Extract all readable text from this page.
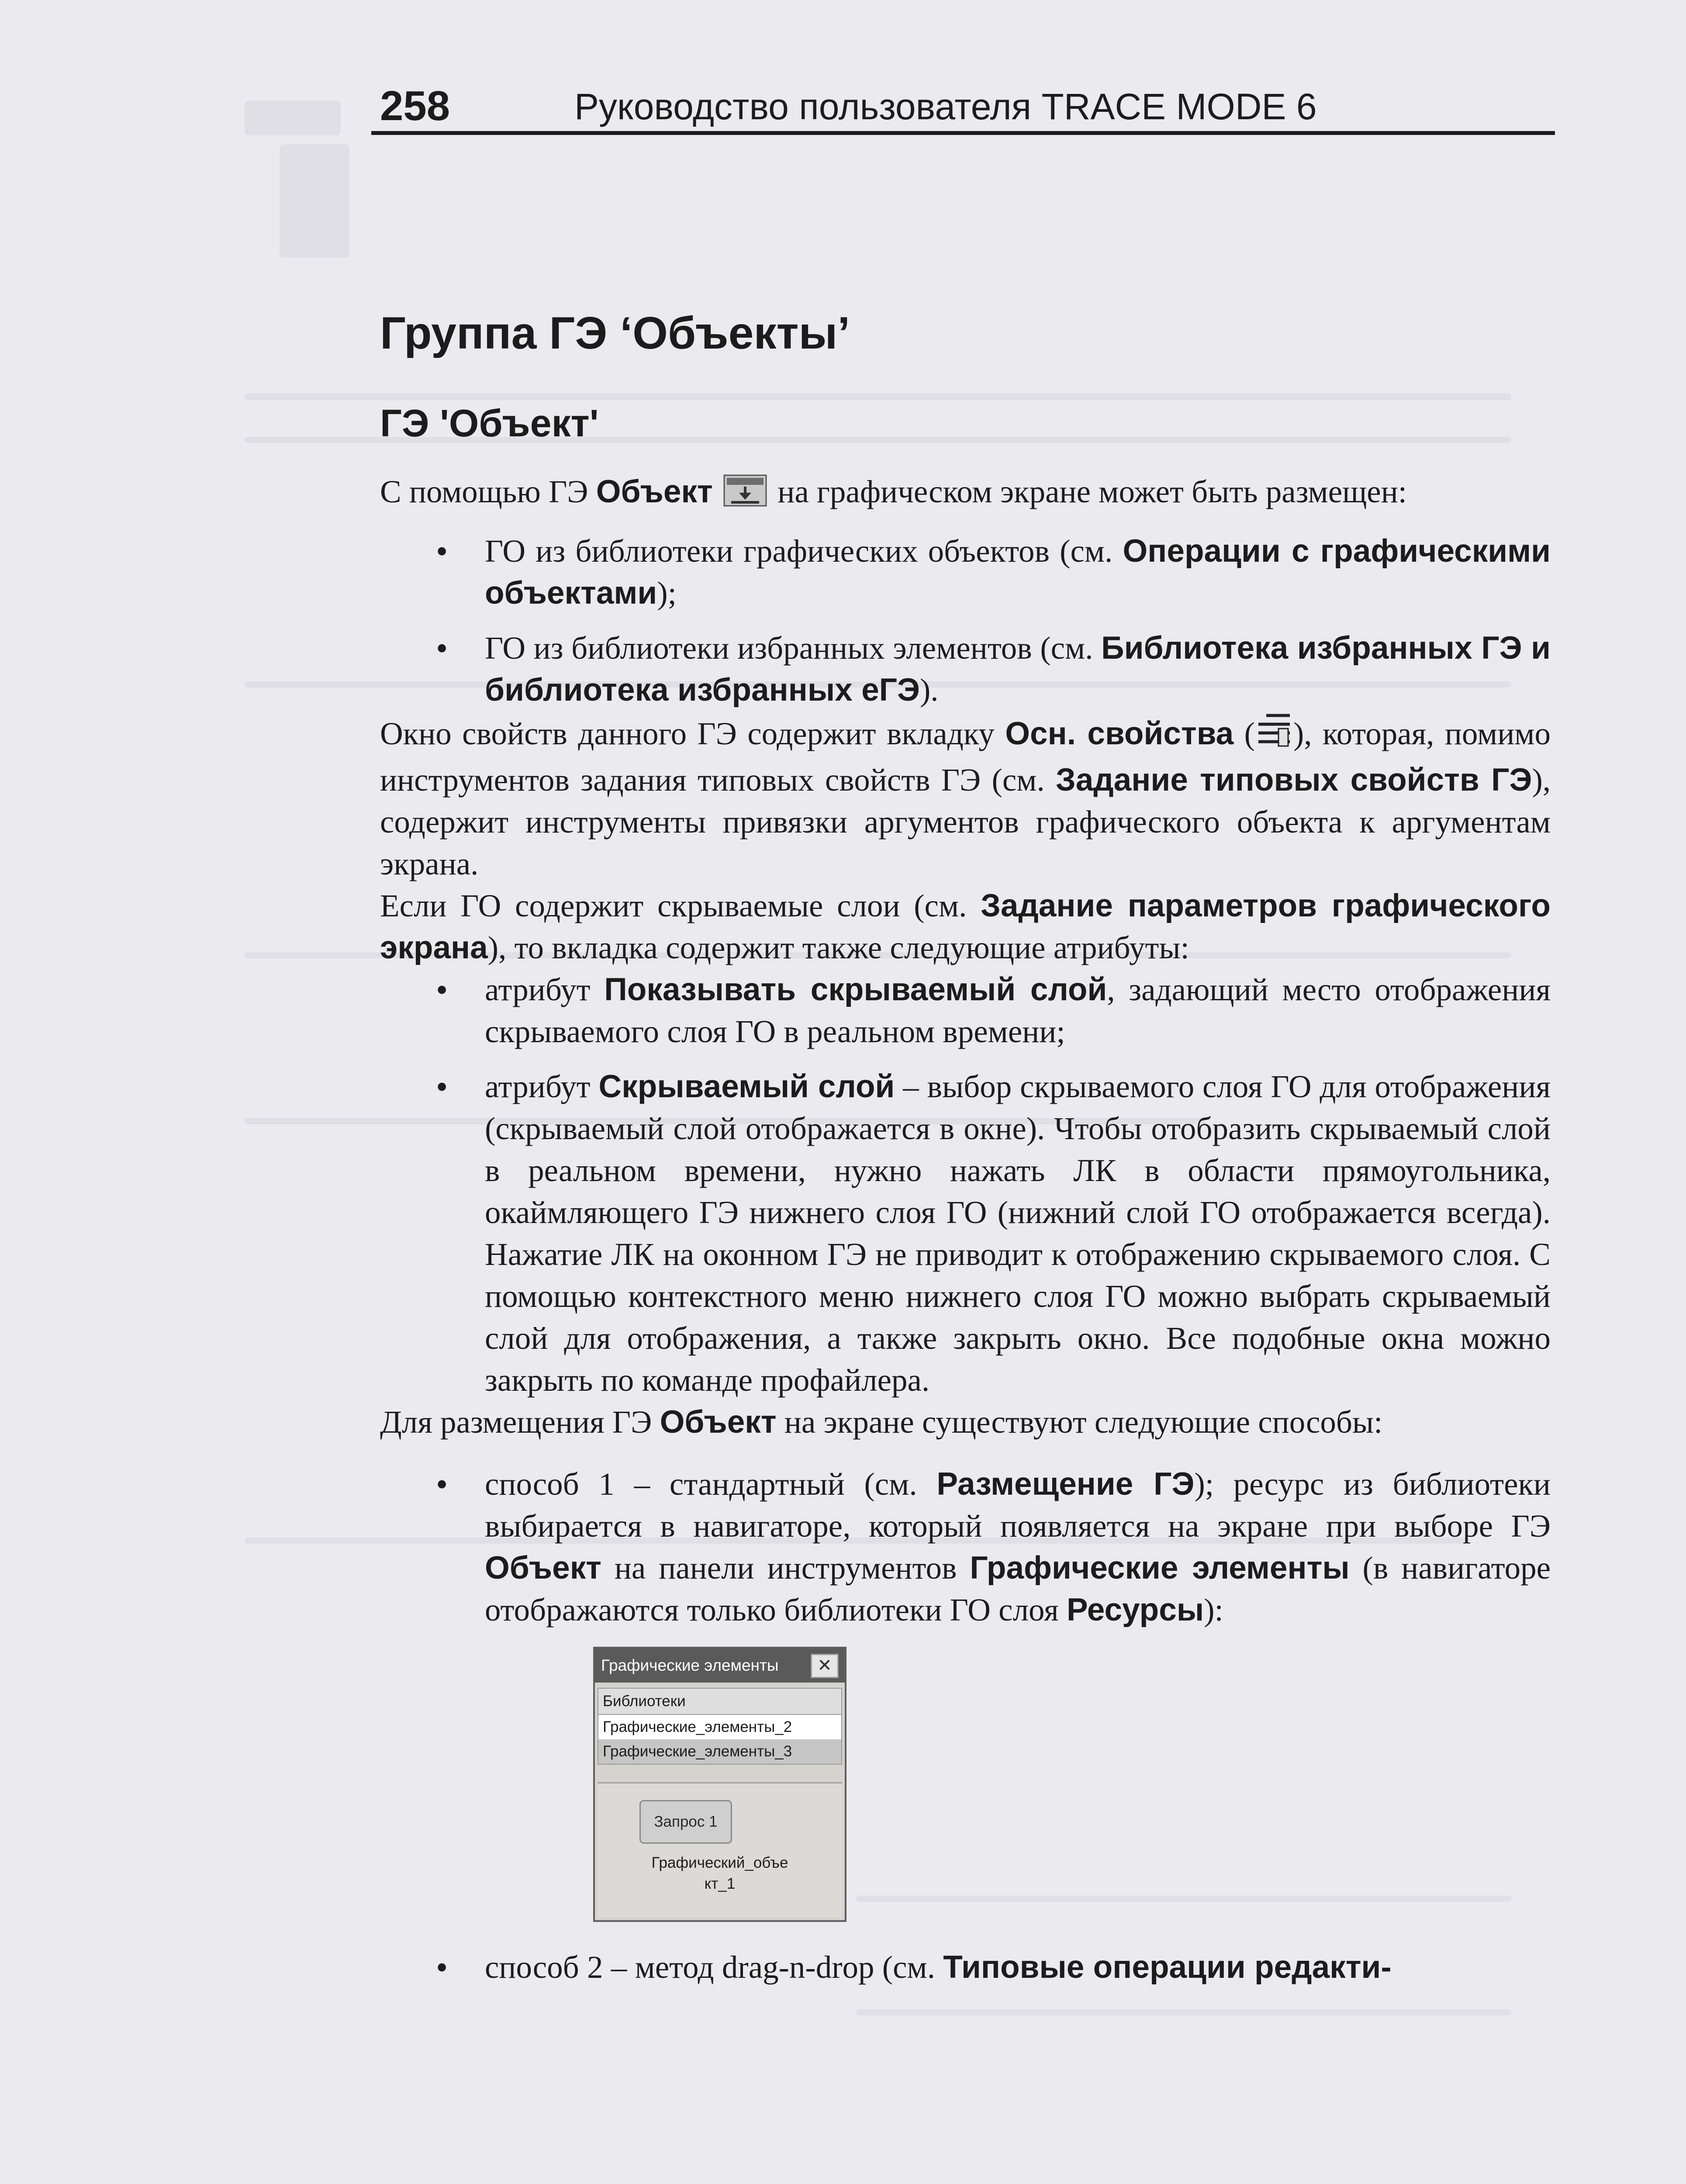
258	Руководство пользователя TRACE MODE 6
Группа ГЭ ‘Объекты’
ГЭ 'Объект'

С помощью ГЭ Объект  на графическом экране может быть размещен:

• ГО из библиотеки графических объектов (см. Операции с графическими объектами);
• ГО из библиотеки избранных элементов (см. Библиотека избранных ГЭ и библиотека избранных еГЭ).

Окно свойств данного ГЭ содержит вкладку Осн. свойства ( ), которая, помимо инструментов задания типовых свойств ГЭ (см. Задание типовых свойств ГЭ), содержит инструменты привязки аргументов графического объекта к аргументам экрана.

Если ГО содержит скрываемые слои (см. Задание параметров графического экрана), то вкладка содержит также следующие атрибуты:

• атрибут Показывать скрываемый слой, задающий место отображения скрываемого слоя ГО в реальном времени;
• атрибут Скрываемый слой – выбор скрываемого слоя ГО для отображения (скрываемый слой отображается в окне). Чтобы отобразить скрываемый слой в реальном времени, нужно нажать ЛК в области прямоугольника, окаймляющего ГЭ нижнего слоя ГО (нижний слой ГО отображается всегда). Нажатие ЛК на оконном ГЭ не приводит к отображению скрываемого слоя. С помощью контекстного меню нижнего слоя ГО можно выбрать скрываемый слой для отображения, а также закрыть окно. Все подобные окна можно закрыть по команде профайлера.

Для размещения ГЭ Объект на экране существуют следующие способы:

• способ 1 – стандартный (см. Размещение ГЭ); ресурс из библиотеки выбирается в навигаторе, который появляется на экране при выборе ГЭ Объект на панели инструментов Графические элементы (в навигаторе отображаются только библиотеки ГО слоя Ресурсы):
Графические элементы	✕
Библиотеки
Графические_элементы_2
Графические_элементы_3
Запрос 1
Графический_объе
кт_1
• способ 2 – метод drag-n-drop (см. Типовые операции редакти-
